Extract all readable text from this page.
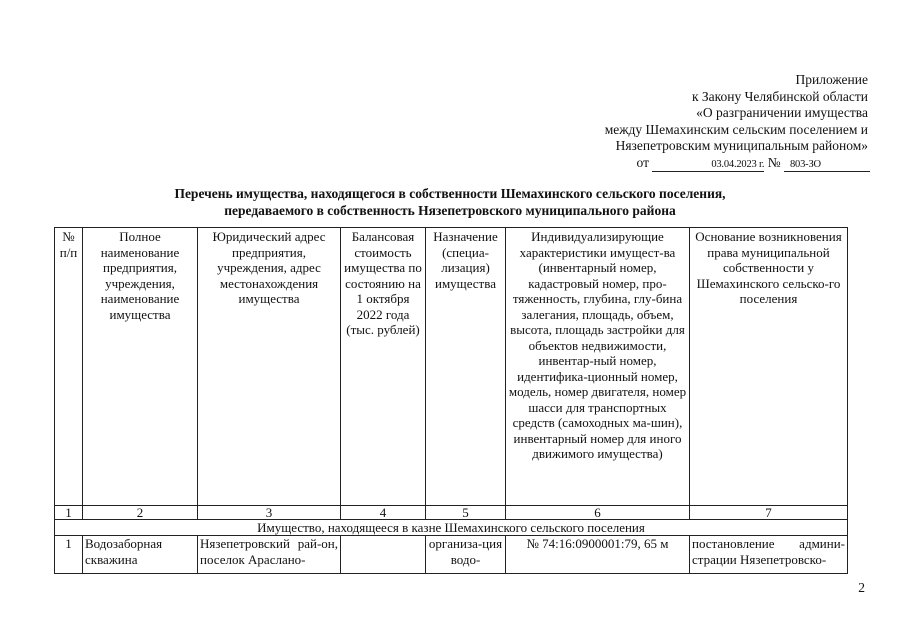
Приложение
к Закону Челябинской области
«О разграничении имущества
между Шемахинским сельским поселением и
Нязепетровским муниципальным районом»
от	03.04.2023 г. № 803-ЗО
Перечень имущества, находящегося в собственности Шемахинского сельского поселения,
передаваемого в собственность Нязепетровского муниципального района
№ п/п	Полное наименование предприятия, учреждения, наименование имущества	Юридический адрес предприятия, учреждения, адрес местонахождения имущества	Балансовая стоимость имущества по состоянию на 1 октября 2022 года (тыс. рублей)	Назначение (специа-лизация) имущества	Индивидуализирующие характеристики имущест-ва (инвентарный номер, кадастровый номер, про-тяженность, глубина, глу-бина залегания, площадь, объем, высота, площадь застройки для объектов недвижимости, инвентар-ный номер, идентифика-ционный номер, модель, номер двигателя, номер шасси для транспортных средств (самоходных ма-шин), инвентарный номер для иного движимого имущества)	Основание возникновения права муниципальной собственности у Шемахинского сельско-го поселения
1	2	3	4	5	6	7
Имущество, находящееся в казне Шемахинского сельского поселения						
1	Водозаборная скважина	Нязепетровский рай-он, поселок Арасланo-		организа-ция водо-	№ 74:16:0900001:79, 65 м	постановление админи-страции Нязепетровско-
2
